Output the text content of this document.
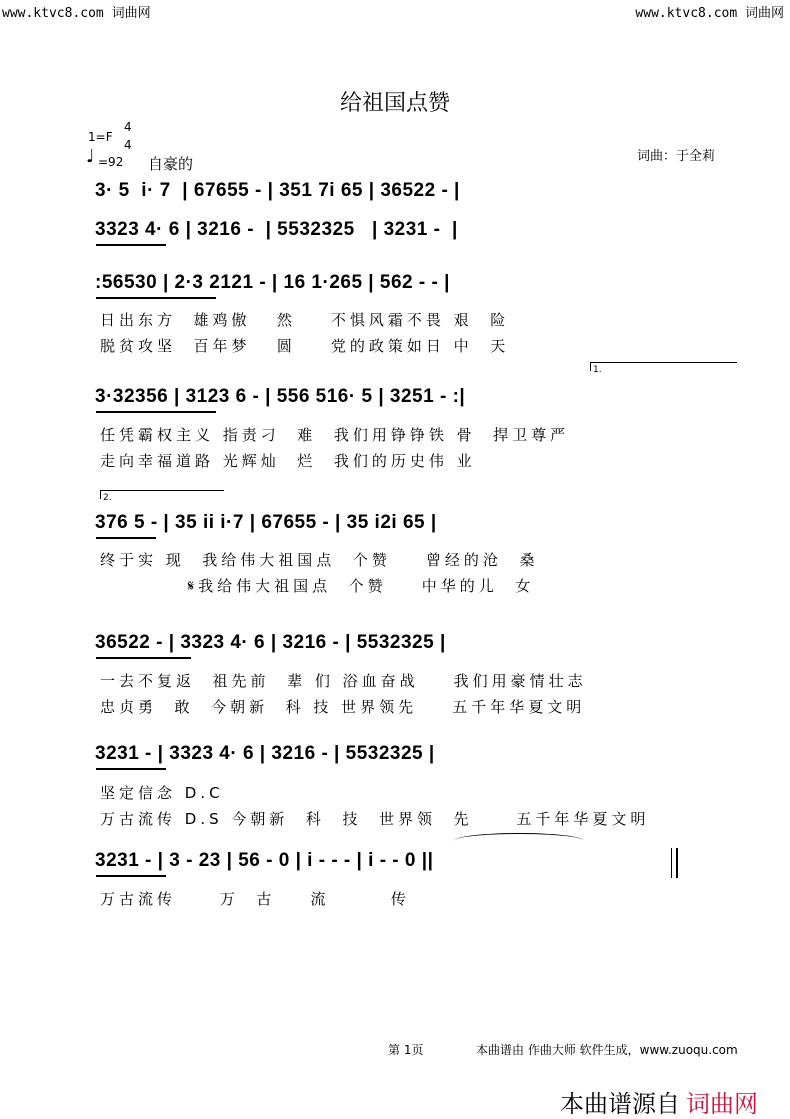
www.ktvc8.com 词曲网	www.ktvc8.com 词曲网
给祖国点赞
1=F
4
4
♩ =92 自豪的	词曲：于全莉
3· 5  i· 7  | 67655 - | 351 7i 65 | 36522 - |
3323 4· 6 | 3216 -  | 5532325   | 3231 -  |
:56530 | 2·3 2121 - | 16 1·265 | 562 - - |
日出东方  雄鸡傲   然    不惧风霜不畏 艰  险
脱贫攻坚  百年梦   圆    党的政策如日 中  天
1.
3·32356 | 3123 6 - | 556 516· 5 | 3251 - :|
任凭霸权主义 指责刁  难  我们用铮铮铁 骨  捍卫尊严
走向幸福道路 光辉灿  烂  我们的历史伟 业
2.
376 5 - | 35 ii i·7 | 67655 - | 35 i2i 65 |
终于实 现  我给伟大祖国点  个赞    曾经的沧  桑
𝄋我给伟大祖国点  个赞    中华的儿  女
36522 - | 3323 4· 6 | 3216 - | 5532325 |
一去不复返  祖先前  辈 们 浴血奋战    我们用豪情壮志
忠贞勇  敢  今朝新  科 技 世界领先    五千年华夏文明
3231 - | 3323 4· 6 | 3216 - | 5532325 |
坚定信念 D.C
万古流传 D.S 今朝新  科  技  世界领  先     五千年华夏文明
3231 - | 3 - 23 | 56 - 0 | i - - - | i - - 0 ||
万古流传     万  古    流       传
第 1页	本曲谱由 作曲大师 软件生成，www.zuoqu.com
本曲谱源自 词曲网
